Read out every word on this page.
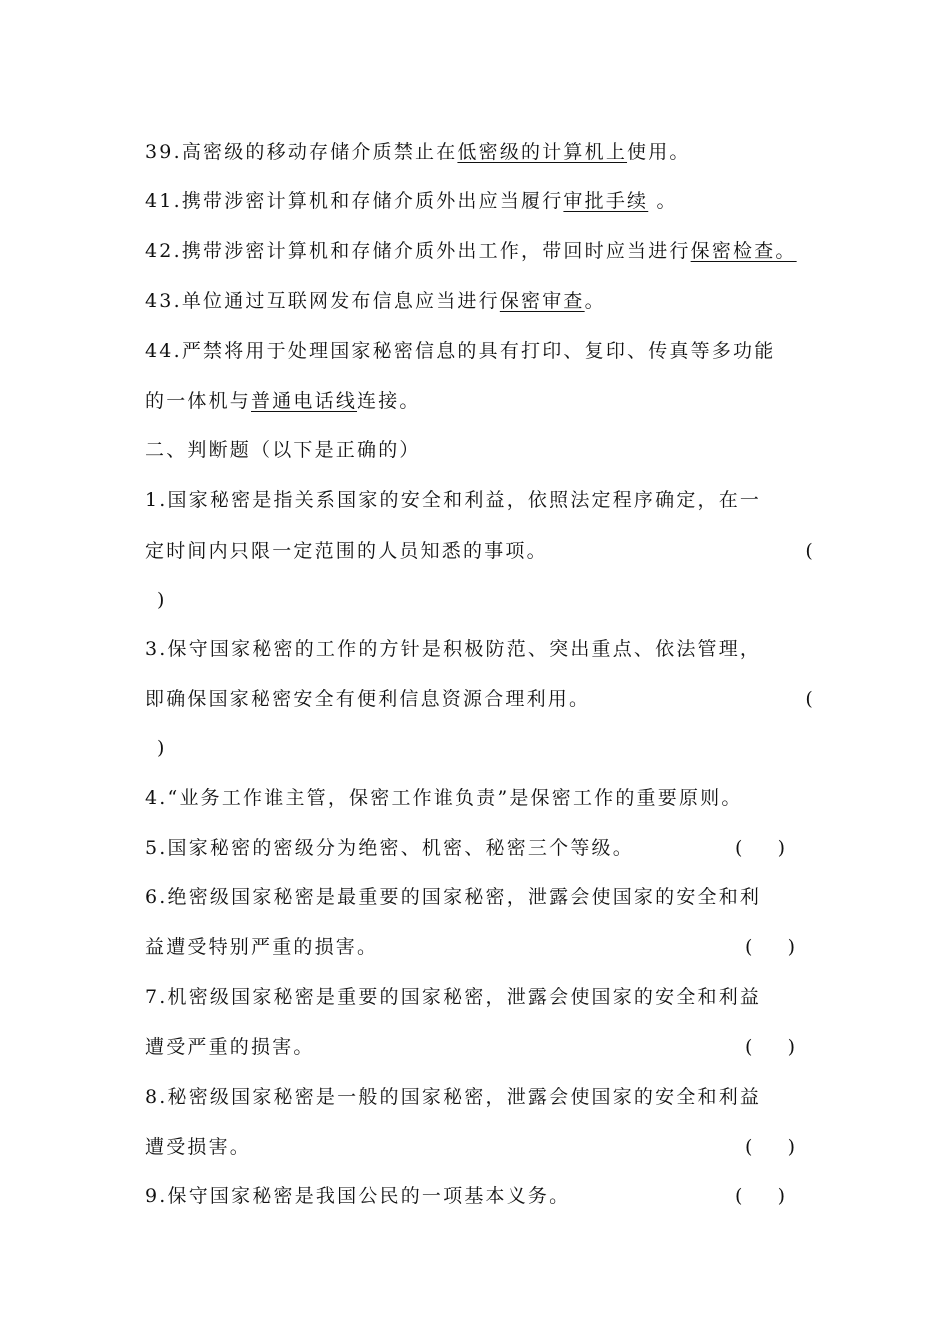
39.高密级的移动存储介质禁止在低密级的计算机上使用。
41.携带涉密计算机和存储介质外出应当履行审批手续 。
42.携带涉密计算机和存储介质外出工作，带回时应当进行保密检查。
43.单位通过互联网发布信息应当进行保密审查。
44.严禁将用于处理国家秘密信息的具有打印、复印、传真等多功能
的一体机与普通电话线连接。
二、判断题（以下是正确的）
1.国家秘密是指关系国家的安全和利益，依照法定程序确定，在一
定时间内只限一定范围的人员知悉的事项。	(
)
3.保守国家秘密的工作的方针是积极防范、突出重点、依法管理，
即确保国家秘密安全有便利信息资源合理利用。	(
)
4.“业务工作谁主管，保密工作谁负责”是保密工作的重要原则。
5.国家秘密的密级分为绝密、机密、秘密三个等级。	(    )
6.绝密级国家秘密是最重要的国家秘密，泄露会使国家的安全和利
益遭受特别严重的损害。	(    )
7.机密级国家秘密是重要的国家秘密，泄露会使国家的安全和利益
遭受严重的损害。	(    )
8.秘密级国家秘密是一般的国家秘密，泄露会使国家的安全和利益
遭受损害。	(    )
9.保守国家秘密是我国公民的一项基本义务。	(    )
